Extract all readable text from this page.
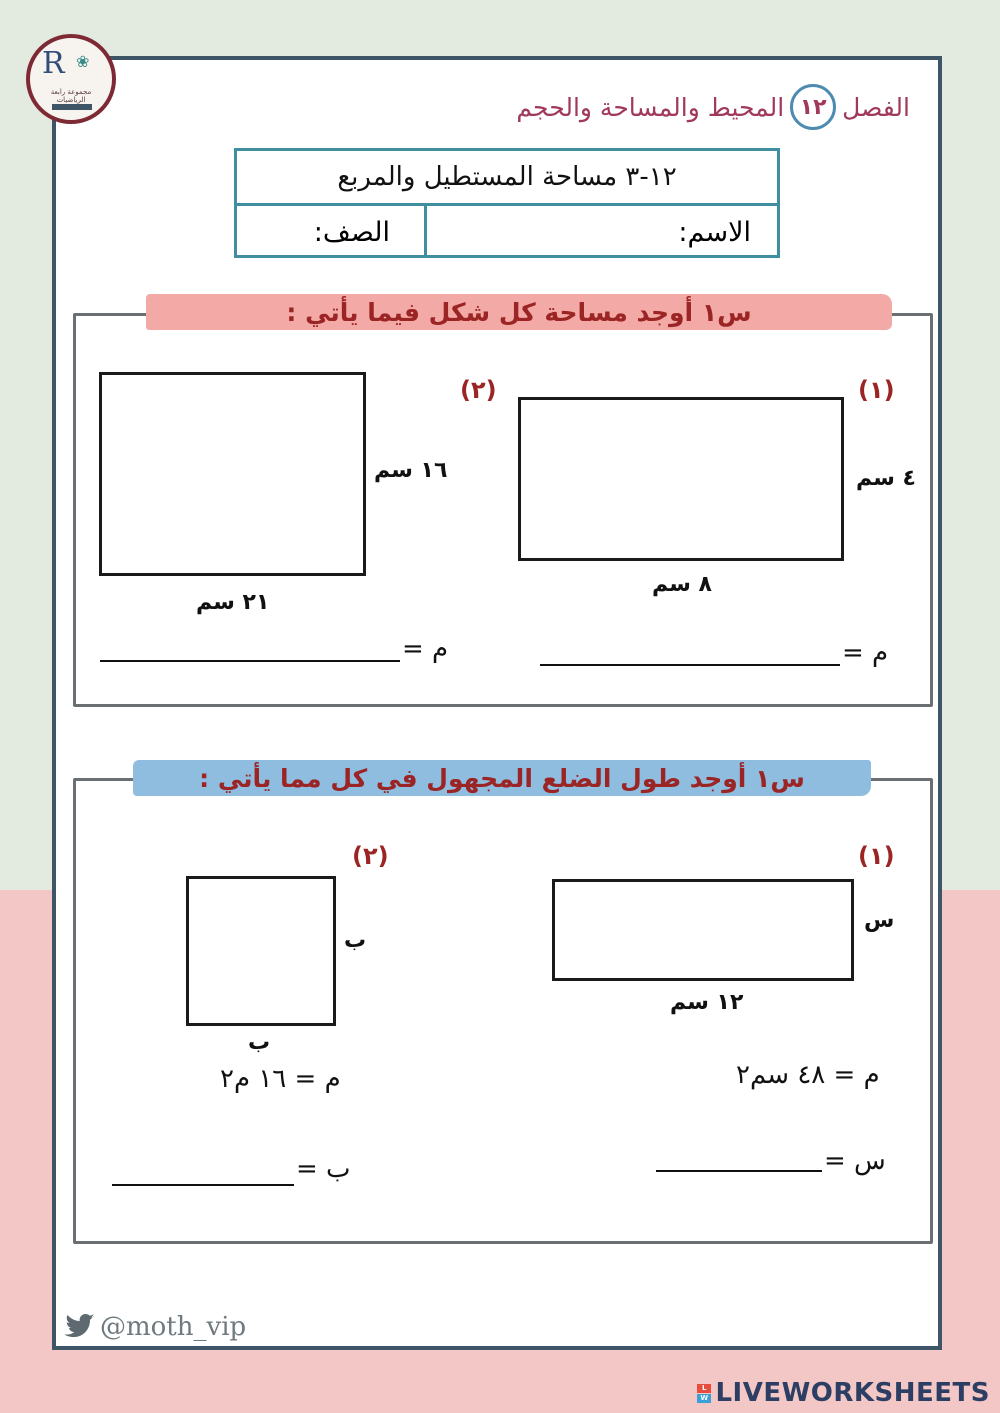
R ❀
مجموعة رابعة الرياضيات	الفصل
١٢
المحيط والمساحة والحجم
١٢-٣ مساحة المستطيل والمربع
الاسم:
الصف:
س١ أوجد مساحة كل شكل فيما يأتي :
(١)
٤ سم
٨ سم
م =
(٢)
١٦ سم
٢١ سم
م =
س١ أوجد طول الضلع المجهول في كل مما يأتي :
(١)
س
١٢ سم
م = ٤٨ سم٢
س =
(٢)
ب
ب
م = ١٦ م٢
ب =
@moth_vip
L
W LIVEWORKSHEETS
